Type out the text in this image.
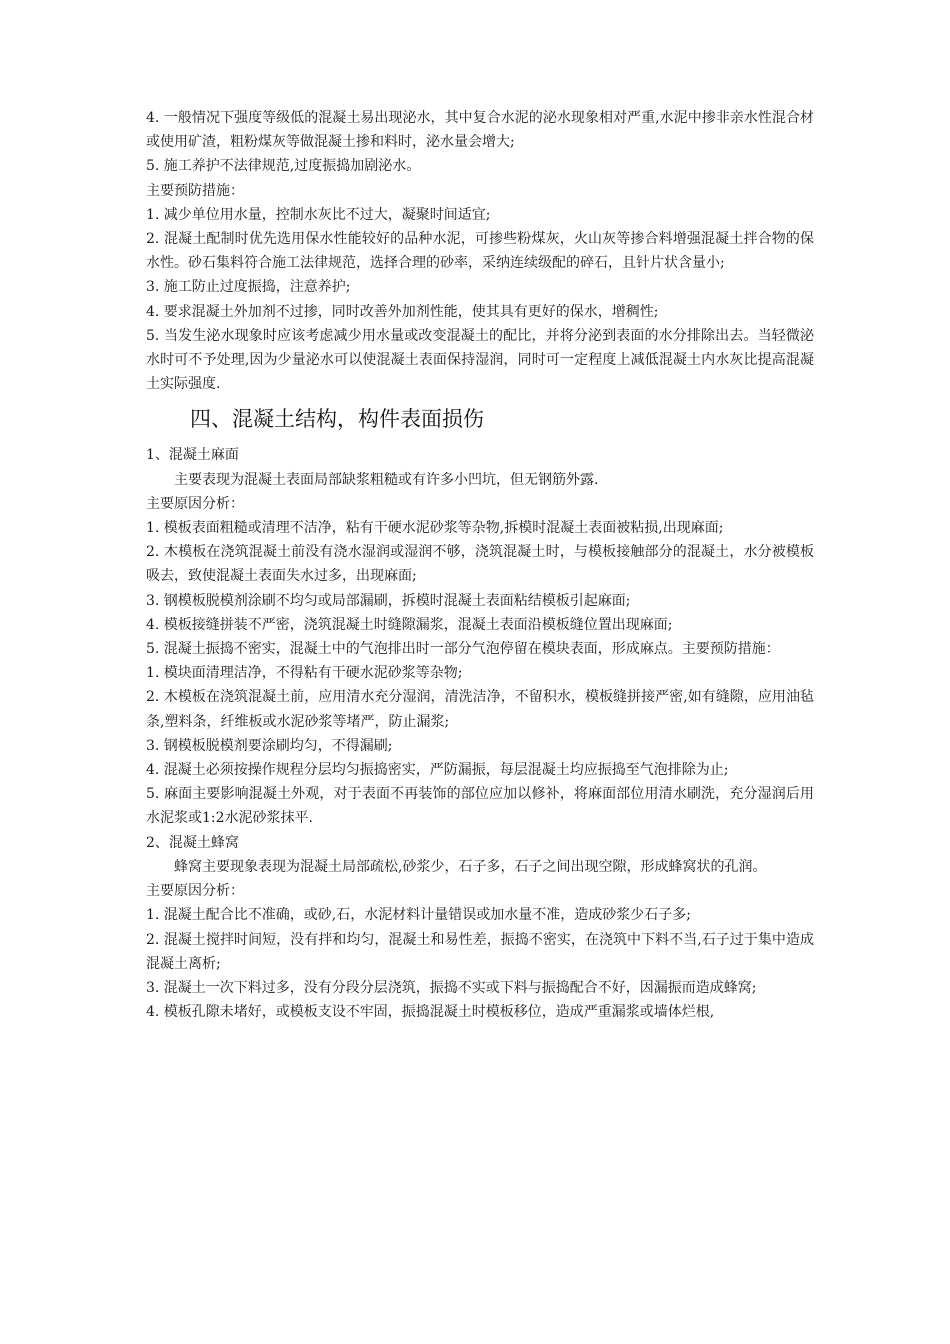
4. 一般情况下强度等级低的混凝土易出现泌水，其中复合水泥的泌水现象相对严重,水泥中掺非亲水性混合材或使用矿渣，粗粉煤灰等做混凝土掺和料时，泌水量会增大;

5. 施工养护不法律规范,过度振捣加剧泌水。

主要预防措施：

1. 减少单位用水量，控制水灰比不过大，凝聚时间适宜;

2. 混凝土配制时优先选用保水性能较好的品种水泥，可掺些粉煤灰，火山灰等掺合料增强混凝土拌合物的保水性。砂石集料符合施工法律规范，选择合理的砂率，采纳连续级配的碎石，且针片状含量小;

3. 施工防止过度振捣，注意养护;

4. 要求混凝土外加剂不过掺，同时改善外加剂性能，使其具有更好的保水，增稠性;

5. 当发生泌水现象时应该考虑减少用水量或改变混凝土的配比，并将分泌到表面的水分排除出去。当轻微泌水时可不予处理,因为少量泌水可以使混凝土表面保持湿润，同时可一定程度上减低混凝土内水灰比提高混凝土实际强度.

四、混凝土结构，构件表面损伤

1、混凝土麻面

主要表现为混凝土表面局部缺浆粗糙或有许多小凹坑，但无钢筋外露.

主要原因分析：

1. 模板表面粗糙或清理不洁净，粘有干硬水泥砂浆等杂物,拆模时混凝土表面被粘损,出现麻面;

2. 木模板在浇筑混凝土前没有浇水湿润或湿润不够，浇筑混凝土时，与模板接触部分的混凝土，水分被模板吸去，致使混凝土表面失水过多，出现麻面;

3. 钢模板脱模剂涂刷不均匀或局部漏刷，拆模时混凝土表面粘结模板引起麻面;

4. 模板接缝拼装不严密，浇筑混凝土时缝隙漏浆，混凝土表面沿模板缝位置出现麻面;

5. 混凝土振捣不密实，混凝土中的气泡排出时一部分气泡停留在模块表面，形成麻点。主要预防措施：

1. 模块面清理洁净，不得粘有干硬水泥砂浆等杂物;

2. 木模板在浇筑混凝土前，应用清水充分湿润，清洗洁净，不留积水，模板缝拼接严密,如有缝隙，应用油毡条,塑料条，纤维板或水泥砂浆等堵严，防止漏浆;

3. 钢模板脱模剂要涂刷均匀，不得漏刷;

4. 混凝土必须按操作规程分层均匀振捣密实，严防漏振，每层混凝土均应振捣至气泡排除为止;

5. 麻面主要影响混凝土外观，对于表面不再装饰的部位应加以修补，将麻面部位用清水刷洗，充分湿润后用水泥浆或1:2水泥砂浆抹平.

2、混凝土蜂窝

蜂窝主要现象表现为混凝土局部疏松,砂浆少，石子多，石子之间出现空隙，形成蜂窝状的孔润。

主要原因分析：

1. 混凝土配合比不准确，或砂,石，水泥材料计量错误或加水量不准，造成砂浆少石子多;

2. 混凝土搅拌时间短，没有拌和均匀，混凝土和易性差，振捣不密实，在浇筑中下料不当,石子过于集中造成混凝土离析;

3. 混凝土一次下料过多，没有分段分层浇筑，振捣不实或下料与振捣配合不好，因漏振而造成蜂窝;

4. 模板孔隙未堵好，或模板支设不牢固，振捣混凝土时模板移位，造成严重漏浆或墙体烂根,
